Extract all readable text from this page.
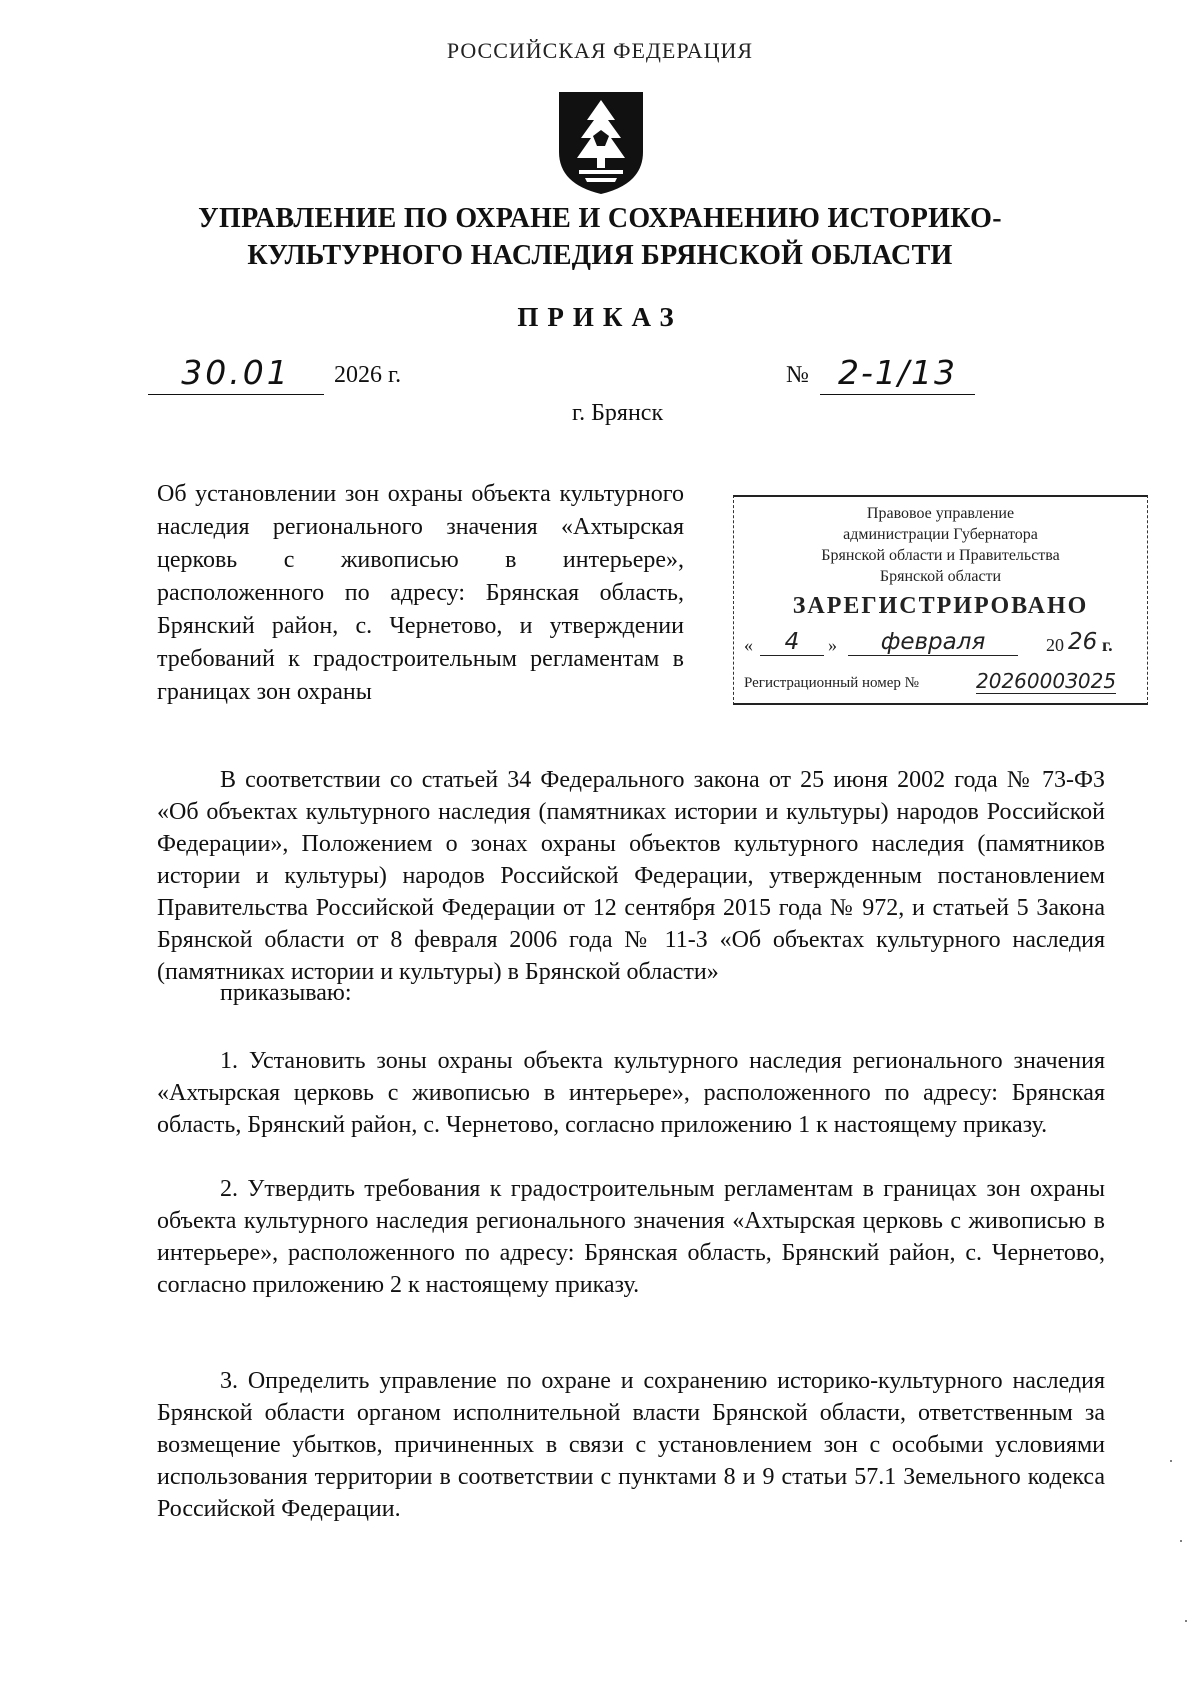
РОССИЙСКАЯ ФЕДЕРАЦИЯ
УПРАВЛЕНИЕ ПО ОХРАНЕ И СОХРАНЕНИЮ ИСТОРИКО-
КУЛЬТУРНОГО НАСЛЕДИЯ БРЯНСКОЙ ОБЛАСТИ
ПРИКАЗ
30.01	2026 г.	№ 2-1/13
г. Брянск
Об установлении зон охраны объекта культурного наследия регионального значения «Ахтырская церковь с живописью в интерьере», расположенного по адресу: Брянская область, Брянский район, с. Чернетово, и утверждении требований к градостроительным регламентам в границах зон охраны
Правовое управление
администрации Губернатора
Брянской области и Правительства
Брянской области
ЗАРЕГИСТРИРОВАНО
«	4	»	февраля	20 26 г.
Регистрационный номер №	2026000З025

В соответствии со статьей 34 Федерального закона от 25 июня 2002 года № 73-ФЗ «Об объектах культурного наследия (памятниках истории и культуры) народов Российской Федерации», Положением о зонах охраны объектов культурного наследия (памятников истории и культуры) народов Российской Федерации, утвержденным постановлением Правительства Российской Федерации от 12 сентября 2015 года № 972, и статьей 5 Закона Брянской области от 8 февраля 2006 года № 11-З «Об объектах культурного наследия (памятниках истории и культуры) в Брянской области»

приказываю:

1. Установить зоны охраны объекта культурного наследия регионального значения «Ахтырская церковь с живописью в интерьере», расположенного по адресу: Брянская область, Брянский район, с. Чернетово, согласно приложению 1 к настоящему приказу.

2. Утвердить требования к градостроительным регламентам в границах зон охраны объекта культурного наследия регионального значения «Ахтырская церковь с живописью в интерьере», расположенного по адресу: Брянская область, Брянский район, с. Чернетово, согласно приложению 2 к настоящему приказу.

3. Определить управление по охране и сохранению историко-культурного наследия Брянской области органом исполнительной власти Брянской области, ответственным за возмещение убытков, причиненных в связи с установлением зон с особыми условиями использования территории в соответствии с пунктами 8 и 9 статьи 57.1 Земельного кодекса Российской Федерации.
